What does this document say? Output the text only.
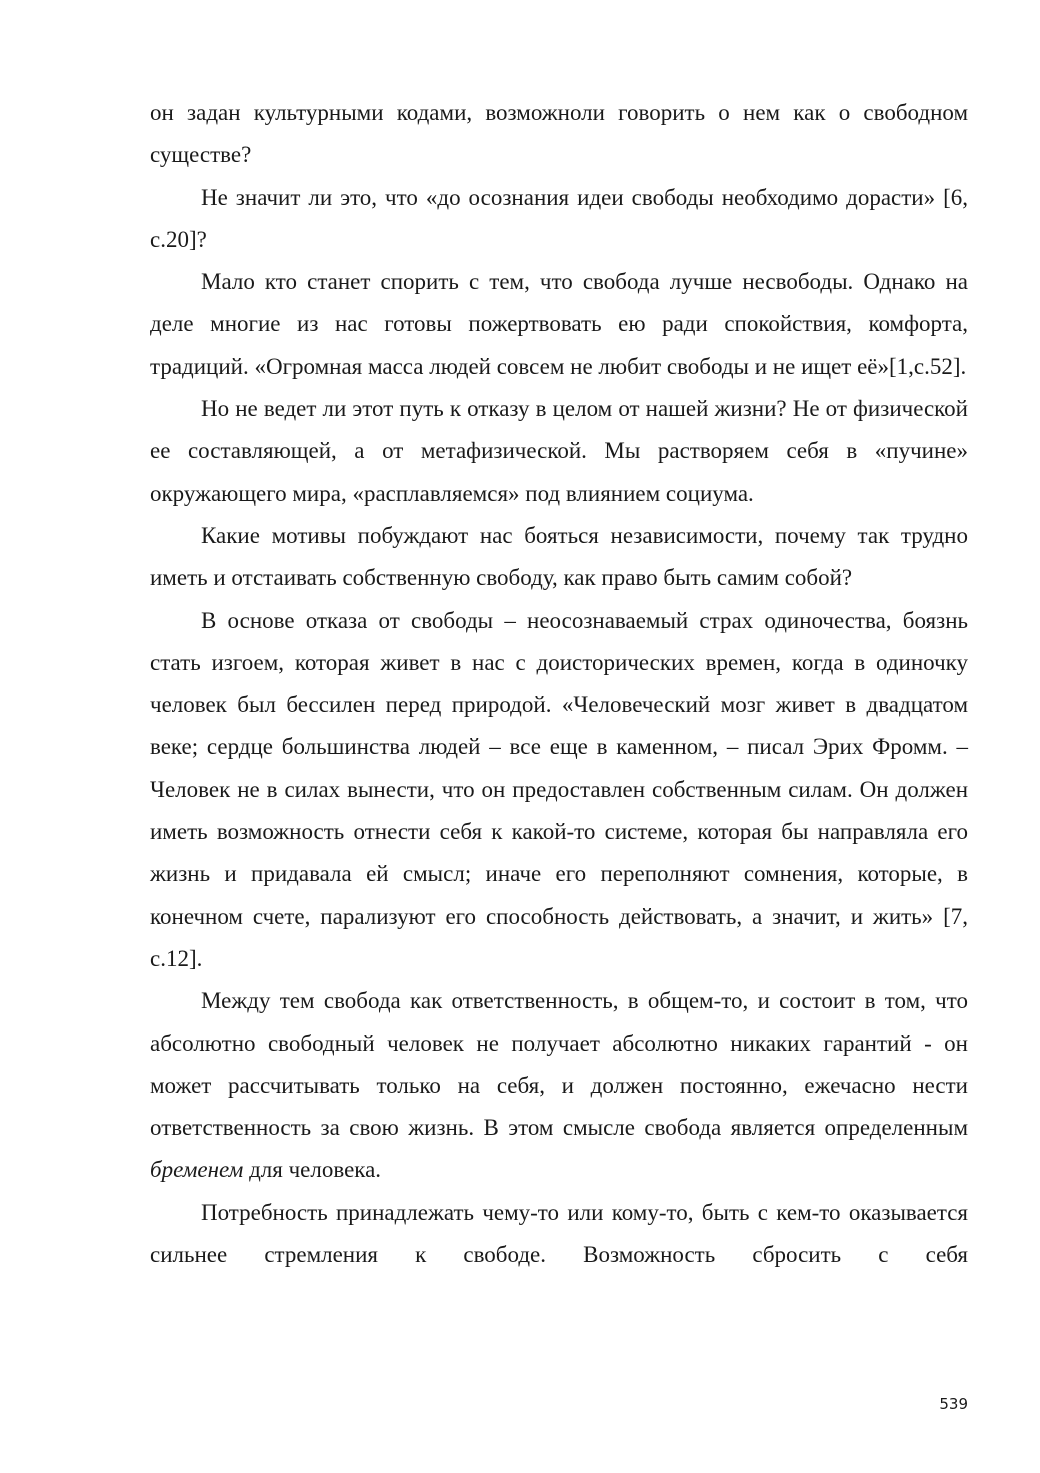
он задан культурными кодами, возможноли говорить о нем как о свободном существе?

Не значит ли это, что «до осознания идеи свободы необходимо дорасти» [6, с.20]?

Мало кто станет спорить с тем, что свобода лучше несвободы. Однако на деле многие из нас готовы пожертвовать ею ради спокойствия, комфорта, традиций. «Огромная масса людей совсем не любит свободы и не ищет её»[1,с.52].

Но не ведет ли этот путь к отказу в целом от нашей жизни? Не от физической ее составляющей, а от метафизической. Мы растворяем себя в «пучине» окружающего мира, «расплавляемся» под влиянием социума.

Какие мотивы побуждают нас бояться независимости, почему так трудно иметь и отстаивать собственную свободу, как право быть самим собой?

В основе отказа от свободы – неосознаваемый страх одиночества, боязнь стать изгоем, которая живет в нас с доисторических времен, когда в одиночку человек был бессилен перед природой. «Человеческий мозг живет в двадцатом веке; сердце большинства людей – все еще в каменном, – писал Эрих Фромм. – Человек не в силах вынести, что он предоставлен собственным силам. Он должен иметь возможность отнести себя к какой-то системе, которая бы направляла его жизнь и придавала ей смысл; иначе его переполняют сомнения, которые, в конечном счете, парализуют его способность действовать, а значит, и жить» [7, с.12].

Между тем свобода как ответственность, в общем-то, и состоит в том, что абсолютно свободный человек не получает абсолютно никаких гарантий - он может рассчитывать только на себя, и должен постоянно, ежечасно нести ответственность за свою жизнь. В этом смысле свобода является определенным бременем для человека.

Потребность принадлежать чему-то или кому-то, быть с кем-то оказывается сильнее стремления к свободе. Возможность сбросить с себя

539
